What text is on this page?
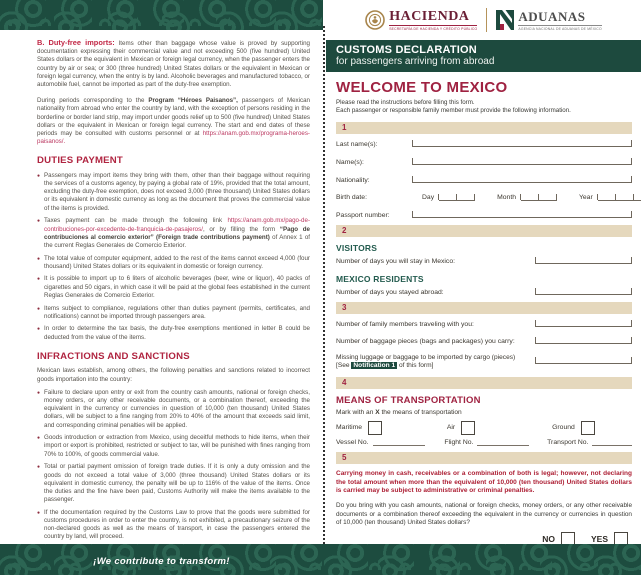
¡We contribute to transform!

B. Duty-free imports: Items other than baggage whose value is proved by supporting documentation expressing their commercial value and not exceeding 500 (five hundred) United States dollars or the equivalent in Mexican or foreign legal currency, when the passenger enters the country by air or sea; or 300 (three hundred) United States dollars or the equivalent in Mexican or foreign legal currency, when the entry is by land. Alcoholic beverages and manufactured tobacco, or automobile fuel, cannot be imported as part of the duty-free exemption.

During periods corresponding to the Program “Héroes Paisanos”, passengers of Mexican nationality from abroad who enter the country by land, with the exception of persons residing in the borderline or border land strip, may import under goods relief up to 500 (five hundred) United States dollars or the equivalent in Mexican or foreign legal currency. The start and end dates of these periods may be consulted with customs personnel or at https://anam.gob.mx/programa-heroes-paisanos/.

DUTIES PAYMENT
● Passengers may import items they bring with them, other than their baggage without requiring the services of a customs agency, by paying a global rate of 19%, provided that the total amount, excluding the duty-free exemption, does not exceed 3,000 (three thousand) United States dollars or its equivalent in domestic currency as long as the document that proves the commercial value of the items is provided.
● Taxes payment can be made through the following link https://anam.gob.mx/pago-de-contribuciones-por-excedente-de-franquicia-de-pasajeros/, or by filling the form “Pago de contribuciones al comercio exterior” (Foreign trade contributions payment) of Annex 1 of the current Reglas Generales de Comercio Exterior.
● The total value of computer equipment, added to the rest of the items cannot exceed 4,000 (four thousand) United States dollars or its equivalent in domestic or foreign currency.
● It is possible to import up to 6 liters of alcoholic beverages (beer, wine or liquor), 40 packs of cigarettes and 50 cigars, in which case it will be paid at the global fees established in the current Reglas Generales de Comercio Exterior.
● Items subject to compliance, regulations other than duties payment (permits, certificates, and notifications) cannot be imported through passengers area.
● In order to determine the tax basis, the duty-free exemptions mentioned in letter B could be deducted from the value of the items.
INFRACTIONS AND SANCTIONS

Mexican laws establish, among others, the following penalties and sanctions related to incorrect goods importation into the country:

● Failure to declare upon entry or exit from the country cash amounts, national or foreign checks, money orders, or any other receivable documents, or a combination thereof, exceeding the equivalent in the currency or currencies in question of 10,000 (ten thousand) United States dollars, will be subject to a fine ranging from 20% to 40% of the amount that exceeds said limit, and corresponding criminal penalties will be applied.
● Goods introduction or extraction from Mexico, using deceitful methods to hide items, when their import or export is prohibited, restricted or subject to tax, will be punished with fines ranging from 70% to 100%, of goods commercial value.
● Total or partial payment omission of foreign trade duties. If it is only a duty omission and the goods do not exceed a total value of 3,000 (three thousand) United States dollars or its equivalent in domestic currency, the penalty will be up to 116% of the value of the items. Once the duties and the fine have been paid, Customs Authority will make the items available to the passenger.
● If the documentation required by the Customs Law to prove that the goods were submitted for customs procedures in order to enter the country, is not exhibited, a precautionary seizure of the non-declared goods as well as the means of transport, in case the passengers entered the country by land, will proceed.
HACIENDA
SECRETARÍA DE HACIENDA Y CRÉDITO PÚBLICO
ADUANAS
AGENCIA NACIONAL DE ADUANAS DE MÉXICO
CUSTOMS DECLARATION
for passengers arriving from abroad
WELCOME TO MEXICO
Please read the instructions before filling this form.
Each passenger or responsible family member must provide the following information.
1
Last name(s):
Name(s):
Nationality:
Birth date:	Day	Month	Year
Passport number:
2
VISITORS
Number of days you will stay in Mexico:
MEXICO RESIDENTS
Number of days you stayed abroad:
3
Number of family members traveling with you:
Number of baggage pieces (bags and packages) you carry:
Missing luggage or baggage to be imported by cargo (pieces)
[See Notification 1 of this form]
4
MEANS OF TRANSPORTATION
Mark with an X the means of transportation
Maritime	Air	Ground
Vessel No.	Flight No.	Transport No.
5
Carrying money in cash, receivables or a combination of both is legal; however, not declaring the total amount when more than the equivalent of 10,000 (ten thousand) United States dollars is carried may be subject to administrative or criminal penalties.
Do you bring with you cash amounts, national or foreign checks, money orders, or any other receivable documents or a combination thereof exceeding the equivalent in the currency or currencies in question of 10,000 (ten thousand) United States dollars?
NO	YES
